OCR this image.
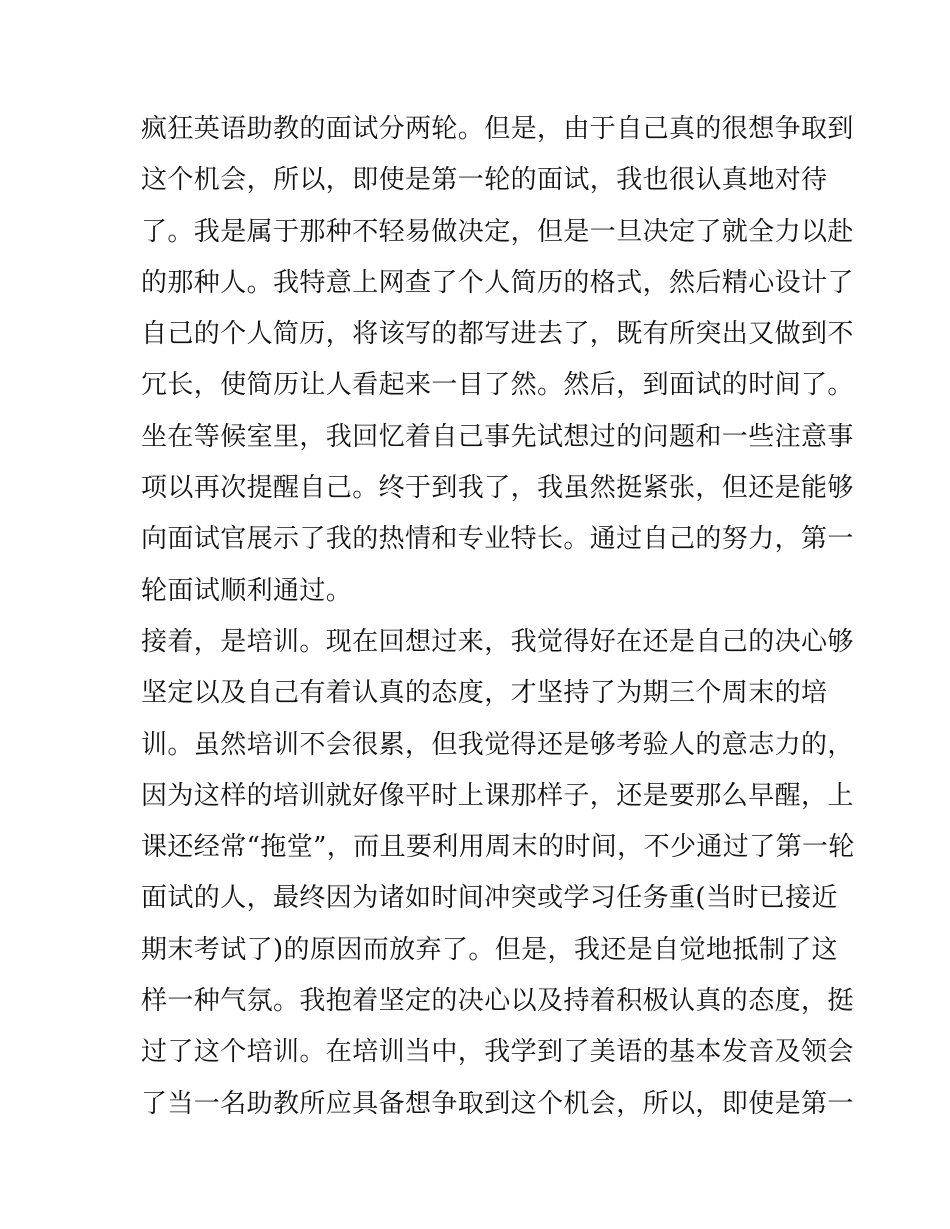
疯狂英语助教的面试分两轮。但是，由于自己真的很想争取到
这个机会，所以，即使是第一轮的面试，我也很认真地对待
了。我是属于那种不轻易做决定，但是一旦决定了就全力以赴
的那种人。我特意上网查了个人简历的格式，然后精心设计了
自己的个人简历，将该写的都写进去了，既有所突出又做到不
冗长，使简历让人看起来一目了然。然后，到面试的时间了。
坐在等候室里，我回忆着自己事先试想过的问题和一些注意事
项以再次提醒自己。终于到我了，我虽然挺紧张，但还是能够
向面试官展示了我的热情和专业特长。通过自己的努力，第一
轮面试顺利通过。
接着，是培训。现在回想过来，我觉得好在还是自己的决心够
坚定以及自己有着认真的态度，才坚持了为期三个周末的培
训。虽然培训不会很累，但我觉得还是够考验人的意志力的，
因为这样的培训就好像平时上课那样子，还是要那么早醒，上
课还经常“拖堂”，而且要利用周末的时间，不少通过了第一轮
面试的人，最终因为诸如时间冲突或学习任务重(当时已接近
期末考试了)的原因而放弃了。但是，我还是自觉地抵制了这
样一种气氛。我抱着坚定的决心以及持着积极认真的态度，挺
过了这个培训。在培训当中，我学到了美语的基本发音及领会
了当一名助教所应具备想争取到这个机会，所以，即使是第一
